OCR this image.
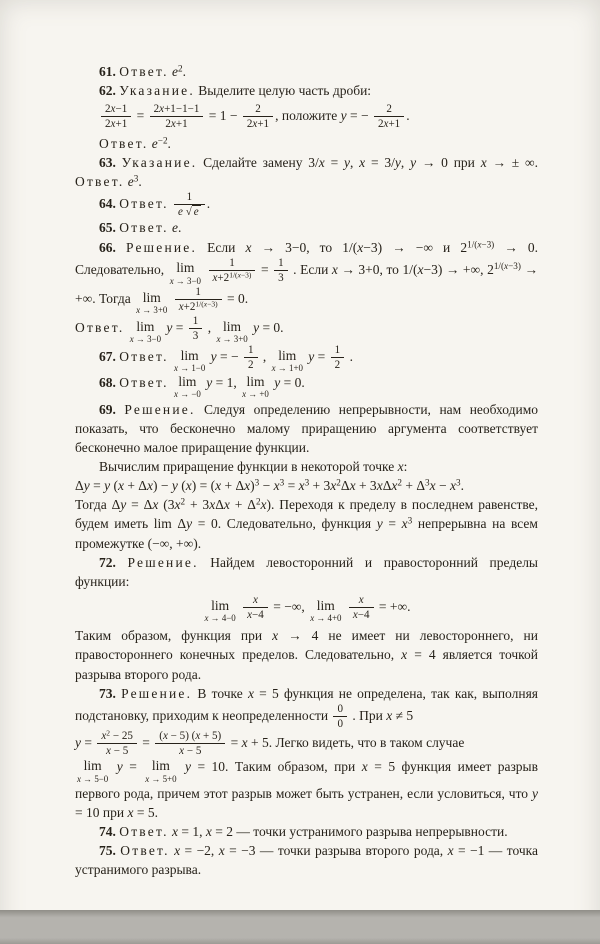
61. Ответ. $e^2$.
62. Указание. Выделите целую часть дроби:
$\frac{2x-1}{2x+1} = \frac{2x+1-1-1}{2x+1} = 1 - \frac{2}{2x+1}$ , положите y = − $\frac{2}{2x+1}$ .
Ответ. $e^{-2}$.
63. Указание. Сделайте замену 3/x = y, x = 3/y, y → 0 при x → ± ∞. Ответ. $e^3$.
64. Ответ. $\frac{1}{e √ e}$ .
65. Ответ. e.
66. Решение. Если x → 3−0, то 1/(x−3) → −∞ и $2^{1/(x-3)} \to 0$. Следовательно, lim
x → 3−0
$\frac{1}{x+2^{1/(x-3)}} = \frac{1}{3}$ . Если x → 3+0, то 1/(x−3) → +∞, $2^{1/(x-3)}$ → +∞. Тогда lim
x → 3+0
$\frac{1}{x+2^{1/(x-3)}} = 0$.
Ответ. lim
x → 3−0
$y = \frac{1}{3}$ , lim
x → 3+0
y = 0.
67. Ответ. lim
x → 1−0
y = − $\frac{1}{2}$ , lim
x → 1+0
$y = \frac{1}{2}$ .
68. Ответ. lim
x → −0
y = 1, lim
x → +0
y = 0.
69. Решение. Следуя определению непрерывности, нам необходимо показать, что бесконечно малому приращению аргумента соответствует бесконечно малое приращение функции.
Вычислим приращение функции в некоторой точке x:
Δy = y (x + Δx) − y $(x) = (x + \Delta x)^3 - x^3 = x^3 + 3x^2\Delta x + 3x\Delta x^2 + \Delta^3x - x^3$.
Тогда Δy = Δx $(3x^2 + 3x\Delta x + \Delta^2x)$. Переходя к пределу в последнем равенстве, будем иметь lim Δy = 0. Следовательно, функция $y = x^3$ непрерывна на всем промежутке (−∞, +∞).
72. Решение. Найдем левосторонний и правосторонний пределы функции:
lim
x → 4−0
$\frac{x}{x-4}$ = −∞, lim
x → 4+0
$\frac{x}{x-4}$ = +∞.
Таким образом, функция при x → 4 не имеет ни левостороннего, ни правостороннего конечных пределов. Следовательно, x = 4 является точкой разрыва второго рода.
73. Решение. В точке x = 5 функция не определена, так как, выполняя подстановку, приходим к неопределенности $\frac{0}{0}$ . При x ≠ 5
$y = \frac{x^2 - 25}{x - 5} = \frac{(x - 5) (x + 5)}{x - 5} = x + 5$. Легко видеть, что в таком случае
lim
x → 5−0
y = lim
x → 5+0
y = 10. Таким образом, при x = 5 функция имеет разрыв первого рода, причем этот разрыв может быть устранен, если условиться, что y = 10 при x = 5.
74. Ответ. x = 1, x = 2 — точки устранимого разрыва непрерывности.
75. Ответ. x = −2, x = −3 — точки разрыва второго рода, x = −1 — точка устранимого разрыва.
